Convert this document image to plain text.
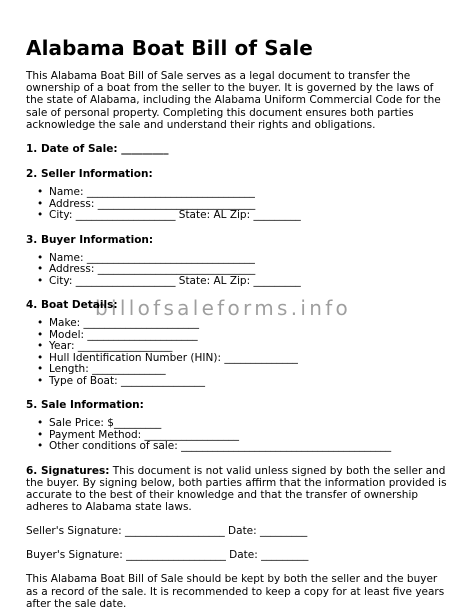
Alabama Boat Bill of Sale

This Alabama Boat Bill of Sale serves as a legal document to transfer the ownership of a boat from the seller to the buyer. It is governed by the laws of the state of Alabama, including the Alabama Uniform Commercial Code for the sale of personal property. Completing this document ensures both parties acknowledge the sale and understand their rights and obligations.

1. Date of Sale: _________
2. Seller Information:
• Name: ________________________________
• Address: ______________________________
• City: ___________________ State: AL Zip: _________
3. Buyer Information:
• Name: ________________________________
• Address: ______________________________
• City: ___________________ State: AL Zip: _________
4. Boat Details:
• Make: ______________________
• Model: _____________________
• Year: __________________
• Hull Identification Number (HIN): ______________
• Length: ______________
• Type of Boat: ________________
5. Sale Information:
• Sale Price: $_________
• Payment Method: __________________
• Other conditions of sale: ________________________________________

6. Signatures: This document is not valid unless signed by both the seller and the buyer. By signing below, both parties affirm that the information provided is accurate to the best of their knowledge and that the transfer of ownership adheres to Alabama state laws.

Seller's Signature: ___________________ Date: _________
Buyer's Signature: ___________________ Date: _________

This Alabama Boat Bill of Sale should be kept by both the seller and the buyer as a record of the sale. It is recommended to keep a copy for at least five years after the sale date.

billofsaleforms.info
